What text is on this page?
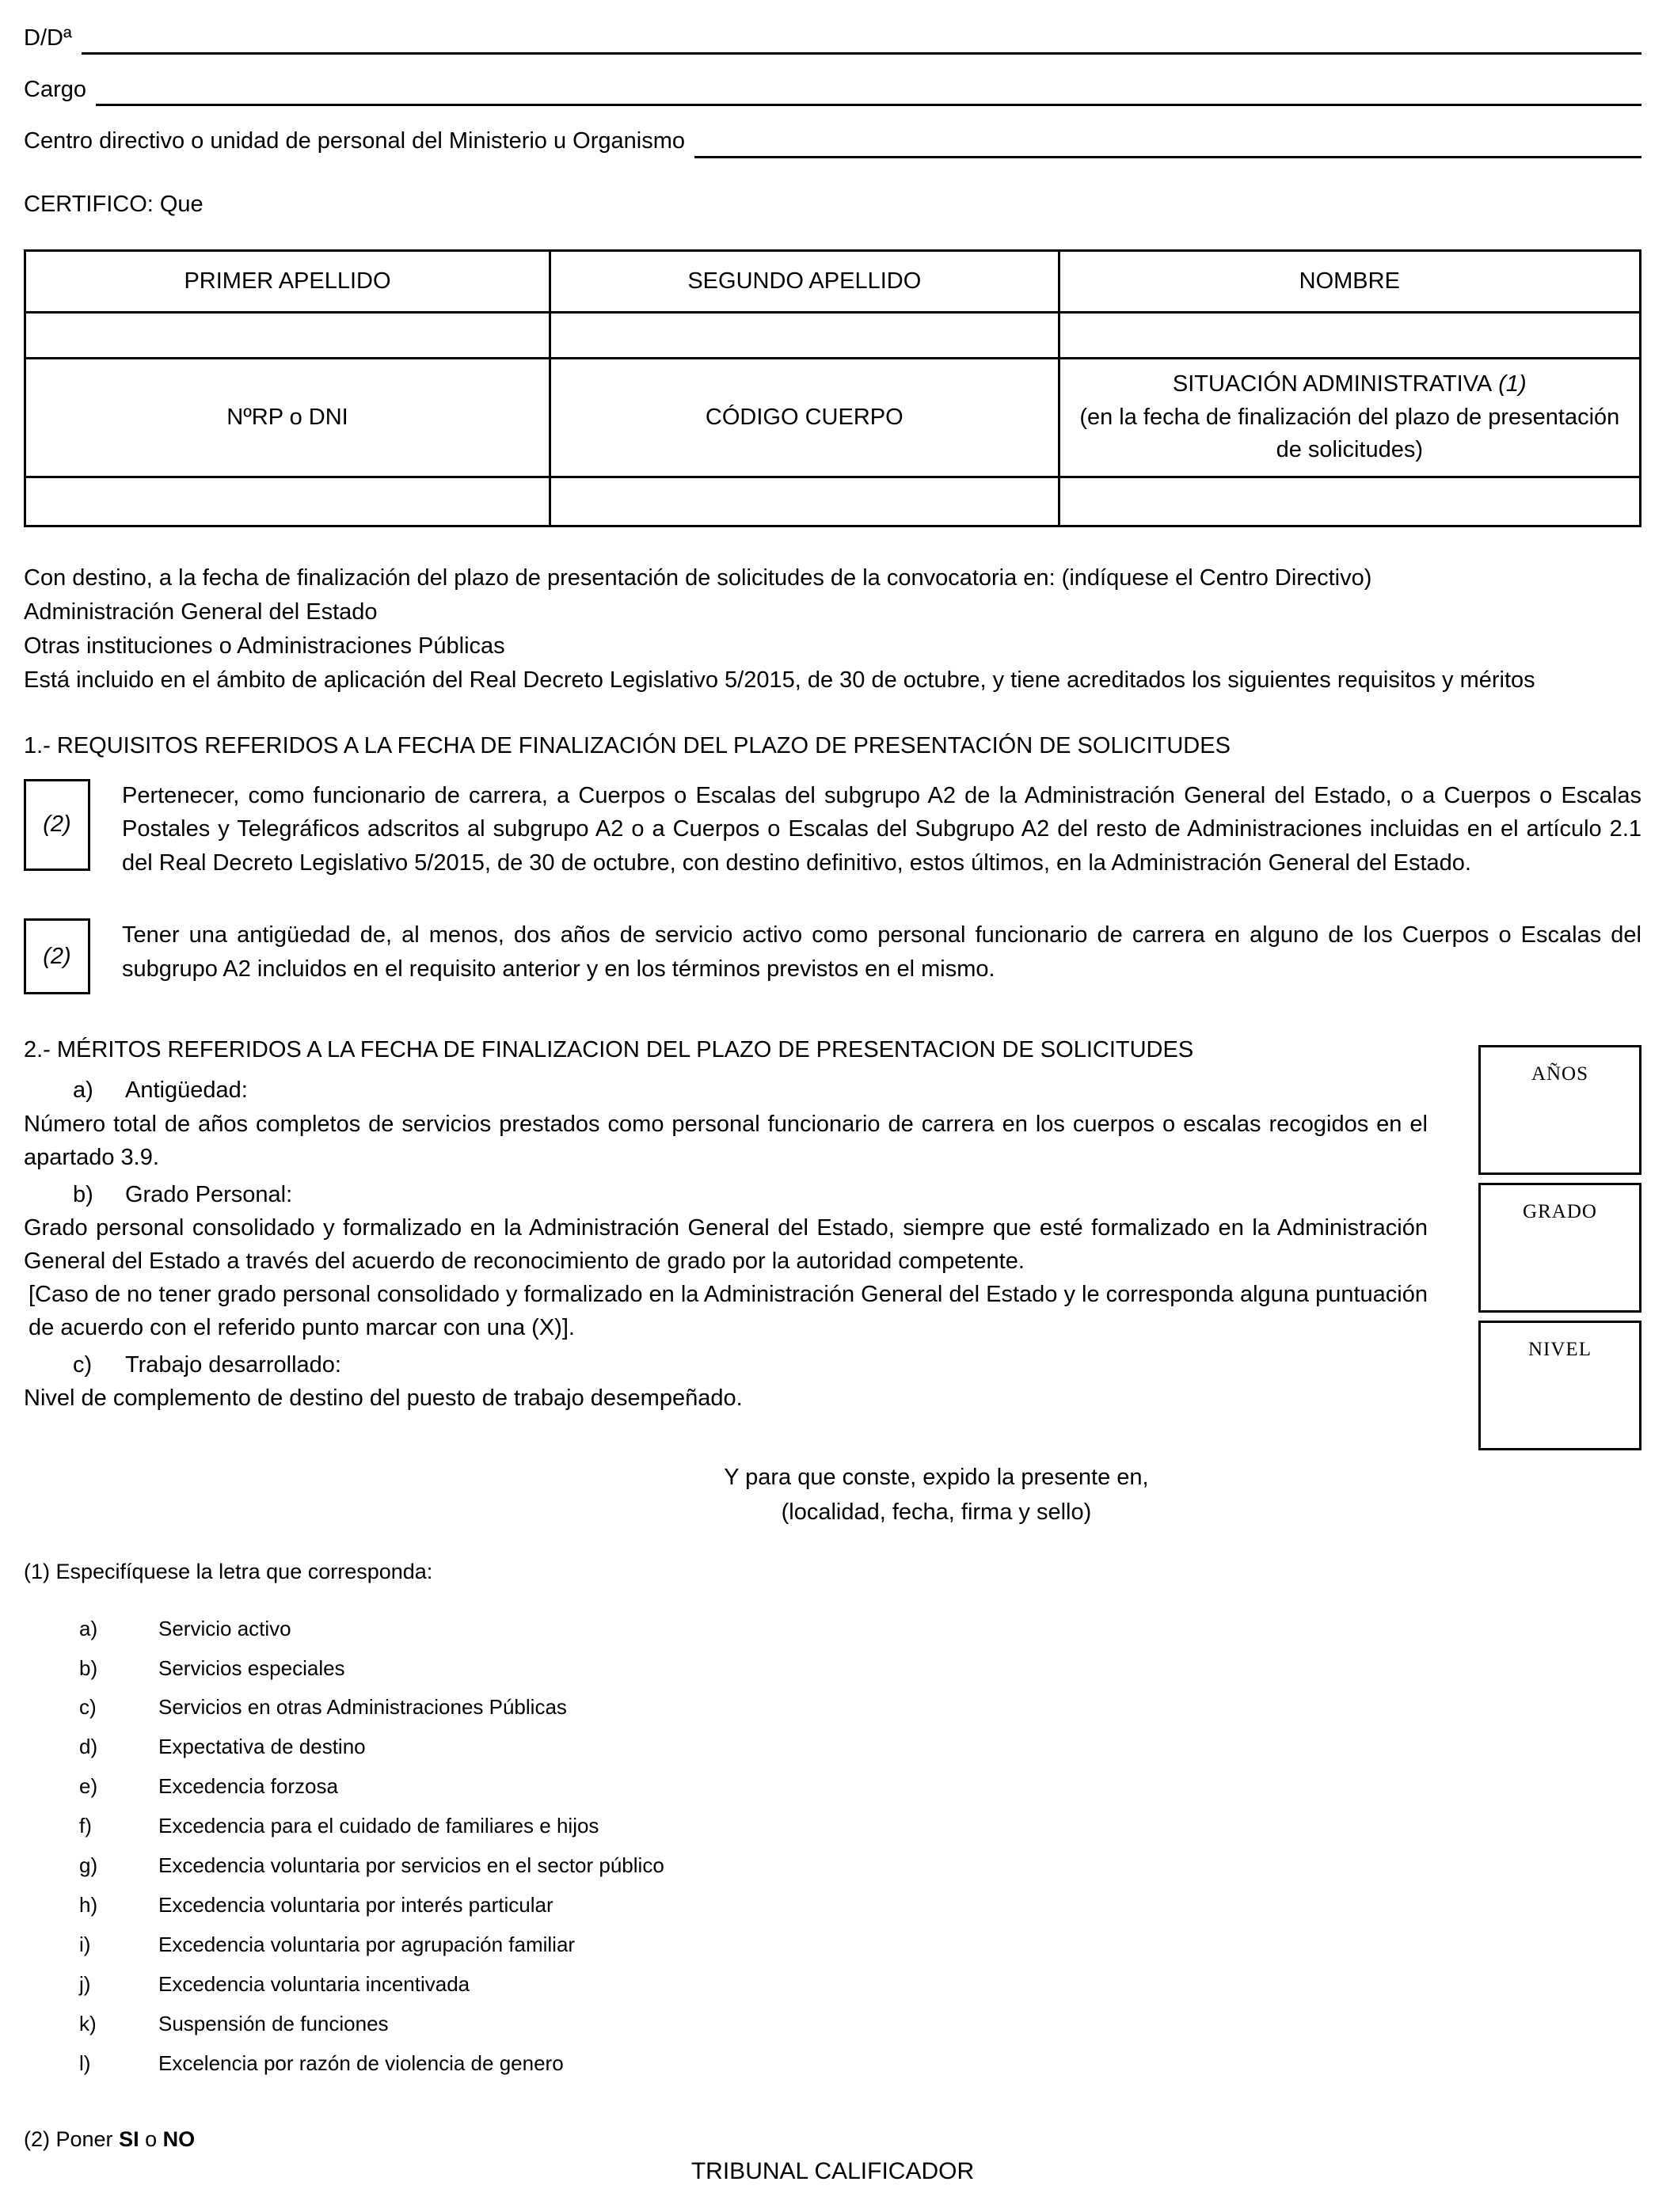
D/Dª
Cargo
Centro directivo o unidad de personal del Ministerio u Organismo
CERTIFICO: Que
PRIMER APELLIDO	SEGUNDO APELLIDO	NOMBRE

NºRP o DNI	CÓDIGO CUERPO	SITUACIÓN ADMINISTRATIVA (1)
(en la fecha de finalización del plazo de presentación de solicitudes)

Con destino, a la fecha de finalización del plazo de presentación de solicitudes de la convocatoria en: (indíquese el Centro Directivo)
Administración General del Estado
Otras instituciones o Administraciones Públicas
Está incluido en el ámbito de aplicación del Real Decreto Legislativo 5/2015, de 30 de octubre, y tiene acreditados los siguientes requisitos y méritos
1.- REQUISITOS REFERIDOS A LA FECHA DE FINALIZACIÓN DEL PLAZO DE PRESENTACIÓN DE SOLICITUDES
(2)

Pertenecer, como funcionario de carrera, a Cuerpos o Escalas del subgrupo A2 de la Administración General del Estado, o a Cuerpos o Escalas Postales y Telegráficos adscritos al subgrupo A2 o a Cuerpos o Escalas del Subgrupo A2 del resto de Administraciones incluidas en el artículo 2.1 del Real Decreto Legislativo 5/2015, de 30 de octubre, con destino definitivo, estos últimos, en la Administración General del Estado.

(2)

Tener una antigüedad de, al menos, dos años de servicio activo como personal funcionario de carrera en alguno de los Cuerpos o Escalas del subgrupo A2 incluidos en el requisito anterior y en los términos previstos en el mismo.

2.- MÉRITOS REFERIDOS A LA FECHA DE FINALIZACION DEL PLAZO DE PRESENTACION DE SOLICITUDES
a) Antigüedad:
Número total de años completos de servicios prestados como personal funcionario de carrera en los cuerpos o escalas recogidos en el apartado 3.9.
b) Grado Personal:
Grado personal consolidado y formalizado en la Administración General del Estado, siempre que esté formalizado en la Administración General del Estado a través del acuerdo de reconocimiento de grado por la autoridad competente.
[Caso de no tener grado personal consolidado y formalizado en la Administración General del Estado y le corresponda alguna puntuación de acuerdo con el referido punto marcar con una (X)].
c) Trabajo desarrollado:
Nivel de complemento de destino del puesto de trabajo desempeñado.
Y para que conste, expido la presente en,
(localidad, fecha, firma y sello)
AÑOS
GRADO
NIVEL
(1) Especifíquese la letra que corresponda:
a)	Servicio activo
b)	Servicios especiales
c)	Servicios en otras Administraciones Públicas
d)	Expectativa de destino
e)	Excedencia forzosa
f)	Excedencia para el cuidado de familiares e hijos
g)	Excedencia voluntaria por servicios en el sector público
h)	Excedencia voluntaria por interés particular
i)	Excedencia voluntaria por agrupación familiar
j)	Excedencia voluntaria incentivada
k)	Suspensión de funciones
l)	Excelencia por razón de violencia de genero
(2) Poner SI o NO
TRIBUNAL CALIFICADOR
